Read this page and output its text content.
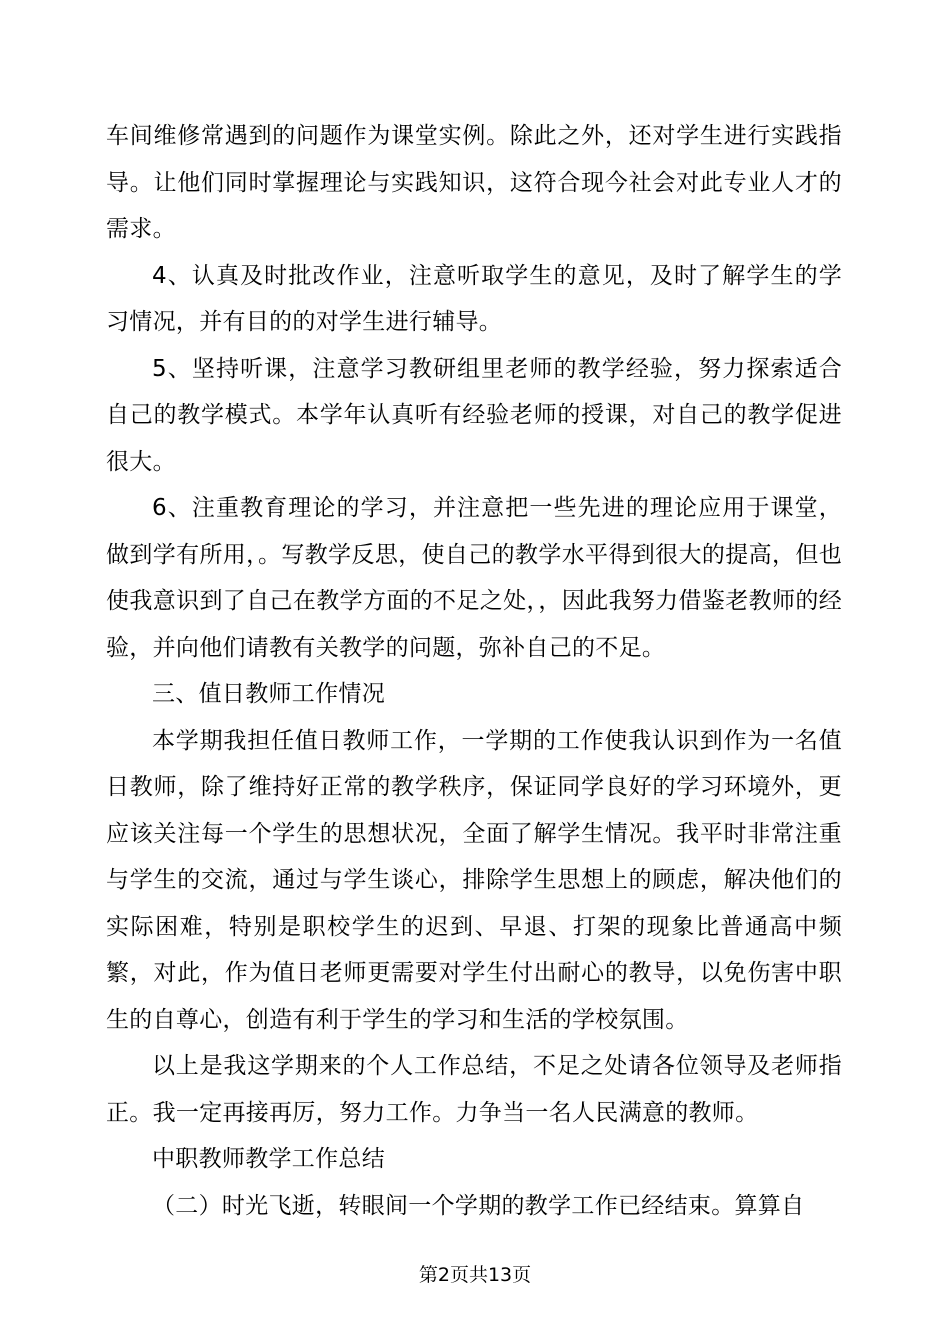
车间维修常遇到的问题作为课堂实例。除此之外，还对学生进行实践指导。让他们同时掌握理论与实践知识，这符合现今社会对此专业人才的需求。

4、认真及时批改作业，注意听取学生的意见，及时了解学生的学习情况，并有目的的对学生进行辅导。

5、坚持听课，注意学习教研组里老师的教学经验，努力探索适合自己的教学模式。本学年认真听有经验老师的授课，对自己的教学促进很大。

6、注重教育理论的学习，并注意把一些先进的理论应用于课堂，做到学有所用，。写教学反思，使自己的教学水平得到很大的提高，但也使我意识到了自己在教学方面的不足之处，，因此我努力借鉴老教师的经验，并向他们请教有关教学的问题，弥补自己的不足。

三、值日教师工作情况

本学期我担任值日教师工作，一学期的工作使我认识到作为一名值日教师，除了维持好正常的教学秩序，保证同学良好的学习环境外，更应该关注每一个学生的思想状况，全面了解学生情况。我平时非常注重与学生的交流，通过与学生谈心，排除学生思想上的顾虑，解决他们的实际困难，特别是职校学生的迟到、早退、打架的现象比普通高中频繁，对此，作为值日老师更需要对学生付出耐心的教导，以免伤害中职生的自尊心，创造有利于学生的学习和生活的学校氛围。

以上是我这学期来的个人工作总结，不足之处请各位领导及老师指正。我一定再接再厉，努力工作。力争当一名人民满意的教师。

中职教师教学工作总结

（二）时光飞逝，转眼间一个学期的教学工作已经结束。算算自

第2页共13页
